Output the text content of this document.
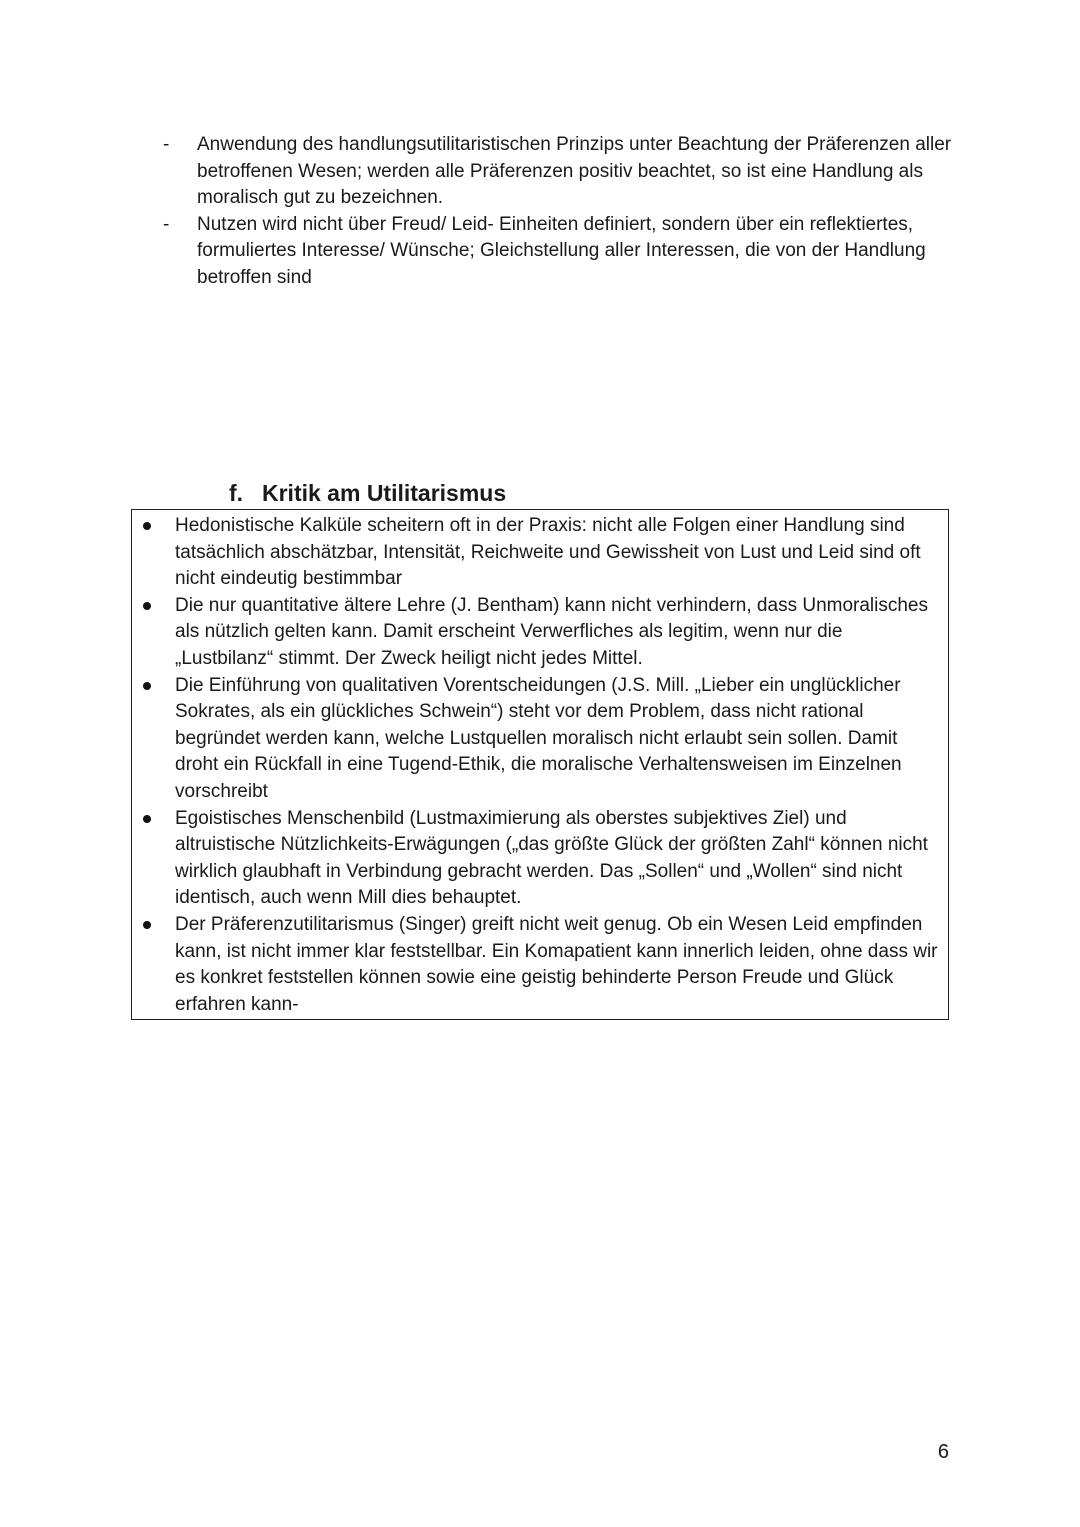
- Anwendung des handlungsutilitaristischen Prinzips unter Beachtung der Präferenzen aller betroffenen Wesen; werden alle Präferenzen positiv beachtet, so ist eine Handlung als moralisch gut zu bezeichnen.
- Nutzen wird nicht über Freud/ Leid- Einheiten definiert, sondern über ein reflektiertes, formuliertes Interesse/ Wünsche; Gleichstellung aller Interessen, die von der Handlung betroffen sind
f. Kritik am Utilitarismus
Hedonistische Kalküle scheitern oft in der Praxis: nicht alle Folgen einer Handlung sind tatsächlich abschätzbar, Intensität, Reichweite und Gewissheit von Lust und Leid sind oft nicht eindeutig bestimmbar
Die nur quantitative ältere Lehre (J. Bentham) kann nicht verhindern, dass Unmoralisches als nützlich gelten kann. Damit erscheint Verwerfliches als legitim, wenn nur die „Lustbilanz“ stimmt. Der Zweck heiligt nicht jedes Mittel.
Die Einführung von qualitativen Vorentscheidungen (J.S. Mill. „Lieber ein unglücklicher Sokrates, als ein glückliches Schwein“) steht vor dem Problem, dass nicht rational begründet werden kann, welche Lustquellen moralisch nicht erlaubt sein sollen. Damit droht ein Rückfall in eine Tugend-Ethik, die moralische Verhaltensweisen im Einzelnen vorschreibt
Egoistisches Menschenbild (Lustmaximierung als oberstes subjektives Ziel) und altruistische Nützlichkeits-Erwägungen („das größte Glück der größten Zahl“ können nicht wirklich glaubhaft in Verbindung gebracht werden. Das „Sollen“ und „Wollen“ sind nicht identisch, auch wenn Mill dies behauptet.
Der Präferenzutilitarismus (Singer) greift nicht weit genug. Ob ein Wesen Leid empfinden kann, ist nicht immer klar feststellbar. Ein Komapatient kann innerlich leiden, ohne dass wir es konkret feststellen können sowie eine geistig behinderte Person Freude und Glück erfahren kann-
6
